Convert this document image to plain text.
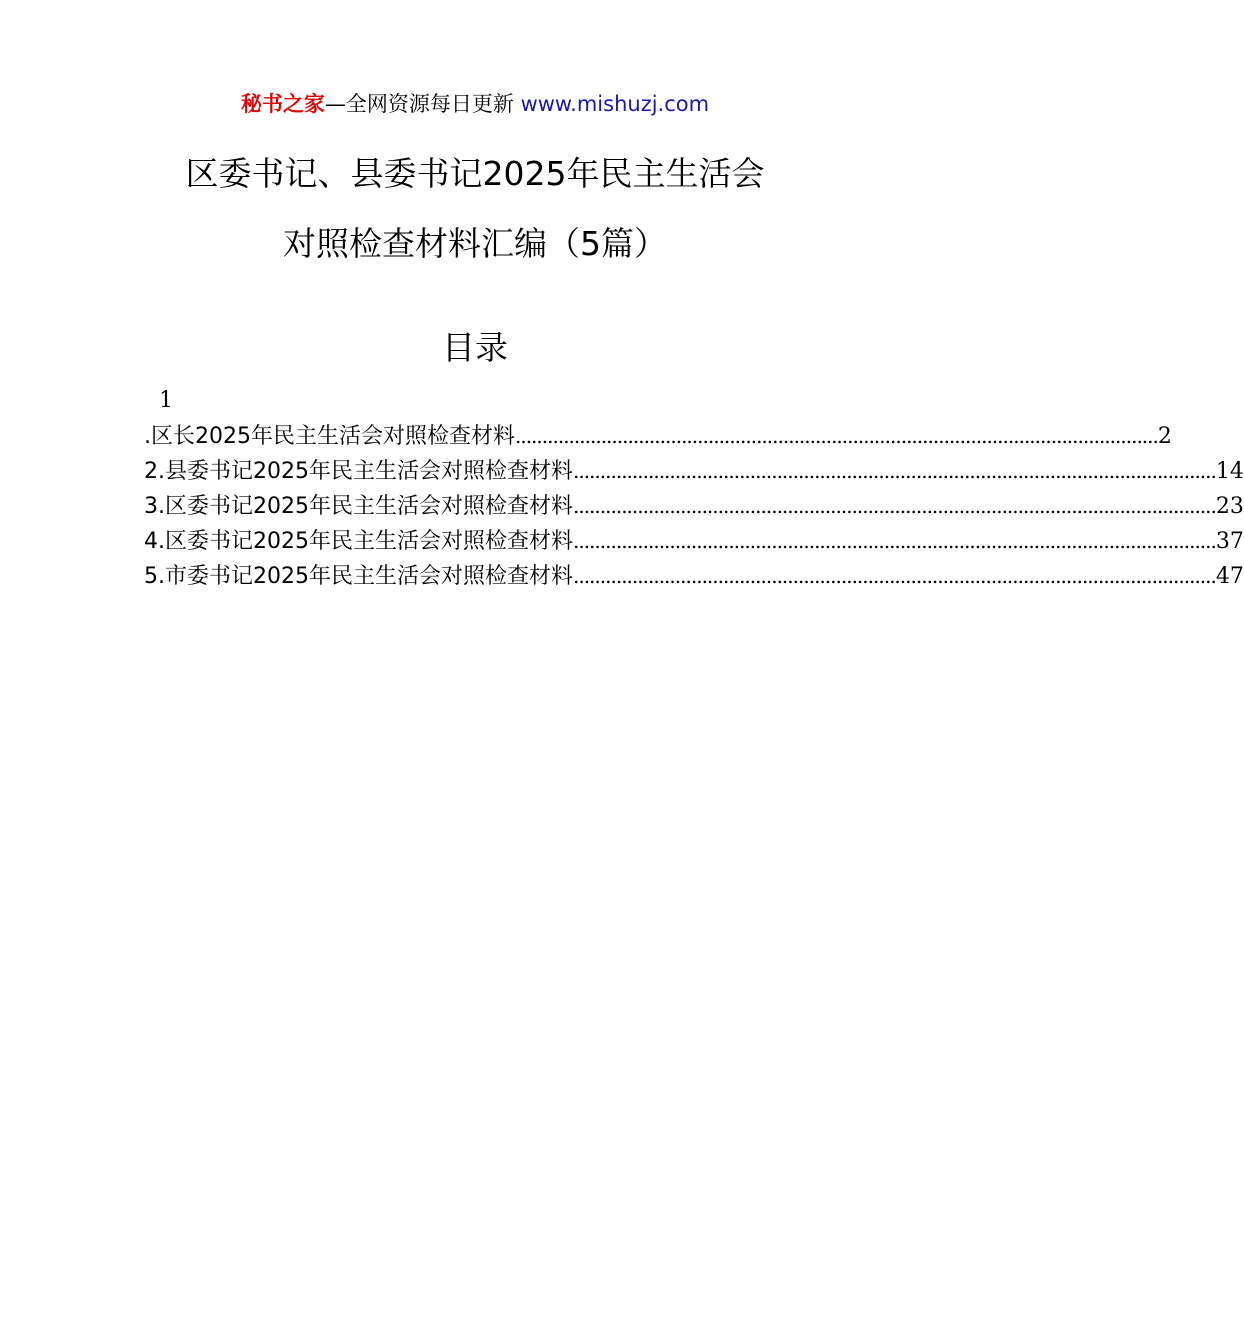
秘书之家—全网资源每日更新 www.mishuzj.com
区委书记、县委书记2025年民主生活会
对照检查材料汇编（5篇）
目录
1
.区长2025年民主生活会对照检查材料 ........................................................................................................................ 2
2.县委书记2025年民主生活会对照检查材料 ........................................................................................................................ 14
3.区委书记2025年民主生活会对照检查材料 ........................................................................................................................ 23
4.区委书记2025年民主生活会对照检查材料 ........................................................................................................................ 37
5.市委书记2025年民主生活会对照检查材料 ........................................................................................................................ 47
